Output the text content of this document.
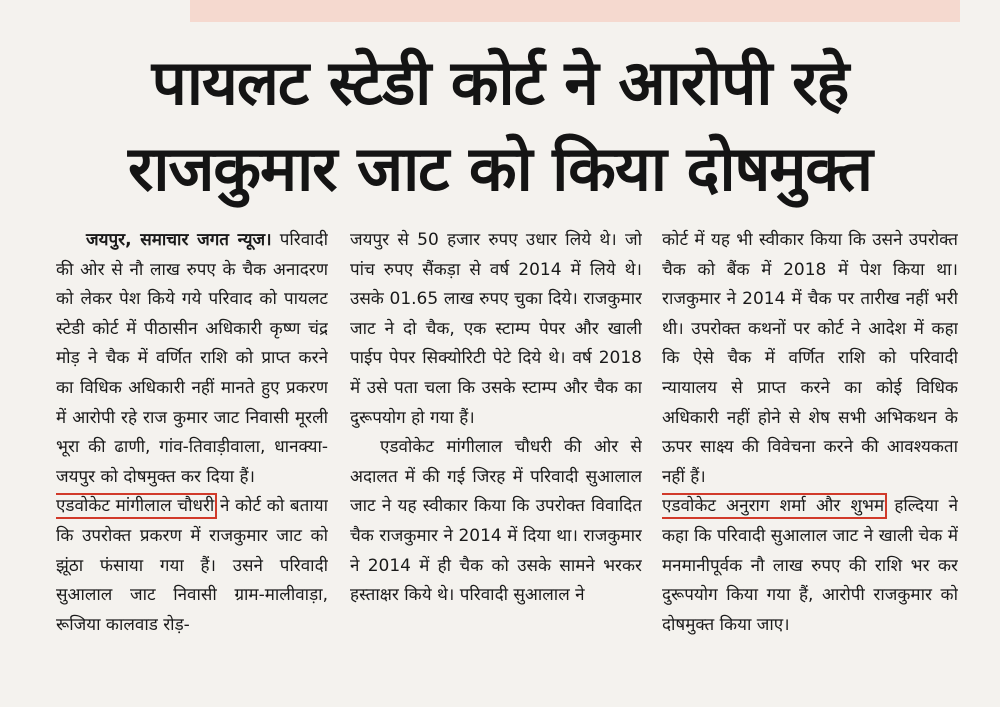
पायलट स्टेडी कोर्ट ने आरोपी रहे
राजकुमार जाट को किया दोषमुक्त

जयपुर, समाचार जगत न्यूज। परिवादी की ओर से नौ लाख रुपए के चैक अनादरण को लेकर पेश किये गये परिवाद को पायलट स्टेडी कोर्ट में पीठासीन अधिकारी कृष्ण चंद्र मोड़ ने चैक में वर्णित राशि को प्राप्त करने का विधिक अधिकारी नहीं मानते हुए प्रकरण में आरोपी रहे राज कुमार जाट निवासी मूरली भूरा की ढाणी, गांव-तिवाड़ीवाला, धानक्या-जयपुर को दोषमुक्त कर दिया हैं।

एडवोकेट मांगीलाल चौधरी ने कोर्ट को बताया कि उपरोक्त प्रकरण में राजकुमार जाट को झूंठा फंसाया गया हैं। उसने परिवादी सुआलाल जाट निवासी ग्राम-मालीवाड़ा, रूजिया कालवाड रोड़-

जयपुर से 50 हजार रुपए उधार लिये थे। जो पांच रुपए सैंकड़ा से वर्ष 2014 में लिये थे। उसके 01.65 लाख रुपए चुका दिये। राजकुमार जाट ने दो चैक, एक स्टाम्प पेपर और खाली पाईप पेपर सिक्योरिटी पेटे दिये थे। वर्ष 2018 में उसे पता चला कि उसके स्टाम्प और चैक का दुरूपयोग हो गया हैं।

एडवोकेट मांगीलाल चौधरी की ओर से अदालत में की गई जिरह में परिवादी सुआलाल जाट ने यह स्वीकार किया कि उपरोक्त विवादित चैक राजकुमार ने 2014 में दिया था। राजकुमार ने 2014 में ही चैक को उसके सामने भरकर हस्ताक्षर किये थे। परिवादी सुआलाल ने

कोर्ट में यह भी स्वीकार किया कि उसने उपरोक्त चैक को बैंक में 2018 में पेश किया था। राजकुमार ने 2014 में चैक पर तारीख नहीं भरी थी। उपरोक्त कथनों पर कोर्ट ने आदेश में कहा कि ऐसे चैक में वर्णित राशि को परिवादी न्यायालय से प्राप्त करने का कोई विधिक अधिकारी नहीं होने से शेष सभी अभिकथन के ऊपर साक्ष्य की विवेचना करने की आवश्यकता नहीं हैं।

एडवोकेट अनुराग शर्मा और शुभम हल्दिया ने कहा कि परिवादी सुआलाल जाट ने खाली चेक में मनमानीपूर्वक नौ लाख रुपए की राशि भर कर दुरूपयोग किया गया हैं, आरोपी राजकुमार को दोषमुक्त किया जाए।
